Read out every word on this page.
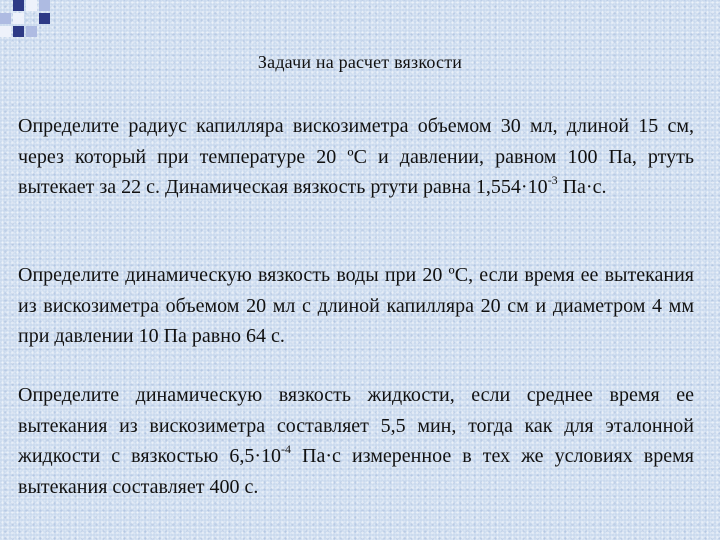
Задачи на расчет вязкости
Определите радиус капилляра вискозиметра объемом 30 мл, длиной 15 см, через который при температуре 20 ºС и давлении, равном 100 Па, ртуть вытекает за 22 с. Динамическая вязкость ртути равна $1,554\cdot 10^{-3}$ Па·с.
Определите динамическую вязкость воды при 20 ºС, если время ее вытекания из вискозиметра объемом 20 мл с длиной капилляра 20 см и диаметром 4 мм при давлении 10 Па равно 64 с.
Определите динамическую вязкость жидкости, если среднее время ее вытекания из вискозиметра составляет 5,5 мин, тогда как для эталонной жидкости с вязкостью $6,5\cdot 10^{-4}$ Па·с измеренное в тех же условиях время вытекания составляет 400 с.
